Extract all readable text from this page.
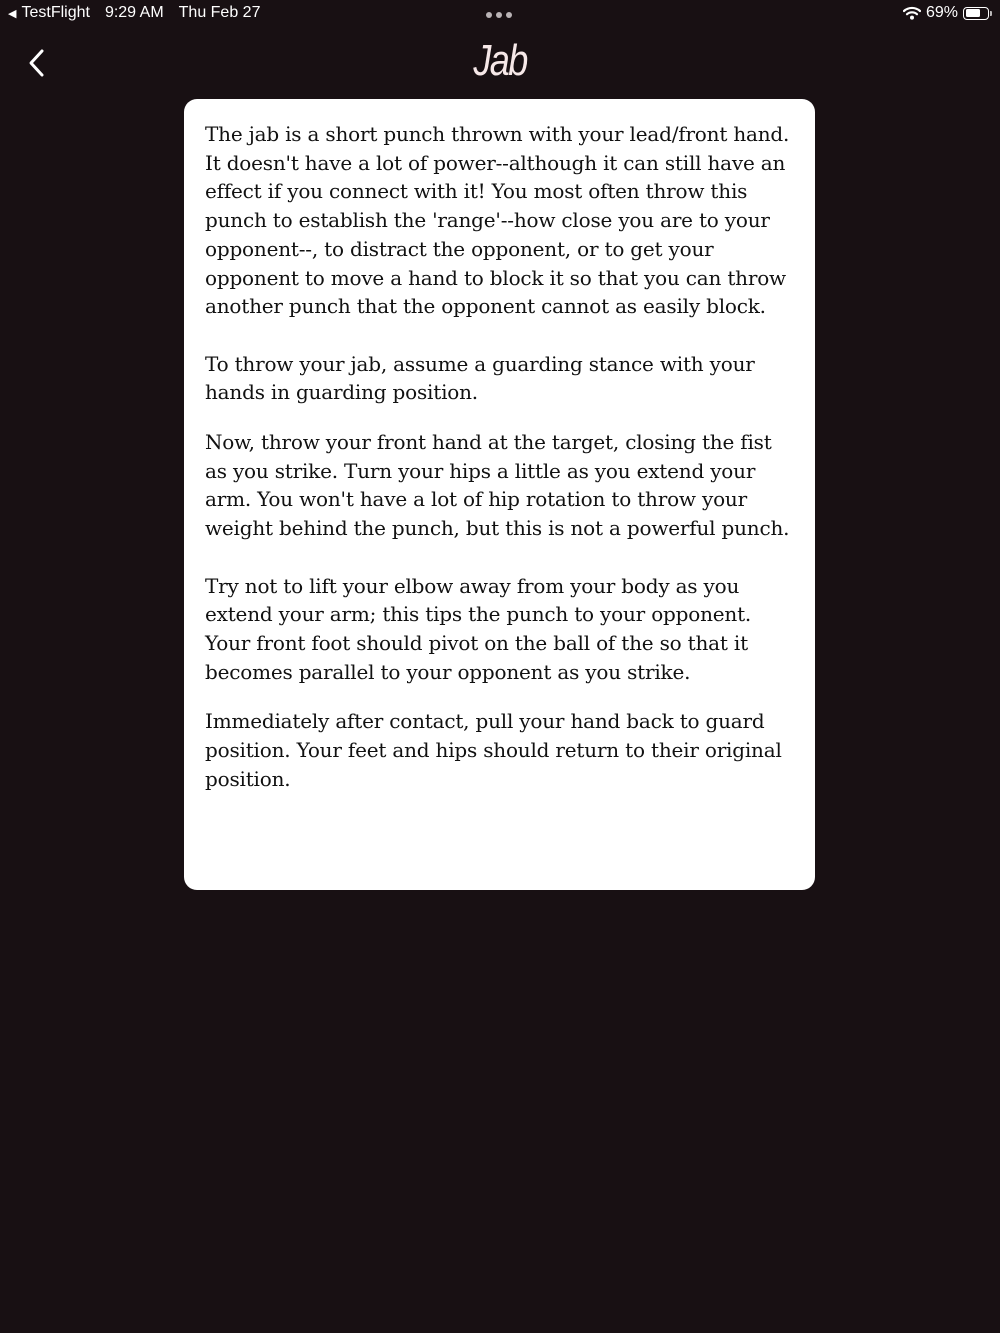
◀ TestFlight 9:29 AM Thu Feb 27	69%
Jab

The jab is a short punch thrown with your lead/front hand. It doesn't have a lot of power--although it can still have an effect if you connect with it! You most often throw this punch to establish the 'range'--how close you are to your opponent--, to distract the opponent, or to get your opponent to move a hand to block it so that you can throw another punch that the opponent cannot as easily block.

To throw your jab, assume a guarding stance with your hands in guarding position.

Now, throw your front hand at the target, closing the fist as you strike. Turn your hips a little as you extend your arm. You won't have a lot of hip rotation to throw your weight behind the punch, but this is not a powerful punch.

Try not to lift your elbow away from your body as you extend your arm; this tips the punch to your opponent. Your front foot should pivot on the ball of the so that it becomes parallel to your opponent as you strike.

Immediately after contact, pull your hand back to guard position. Your feet and hips should return to their original position.
